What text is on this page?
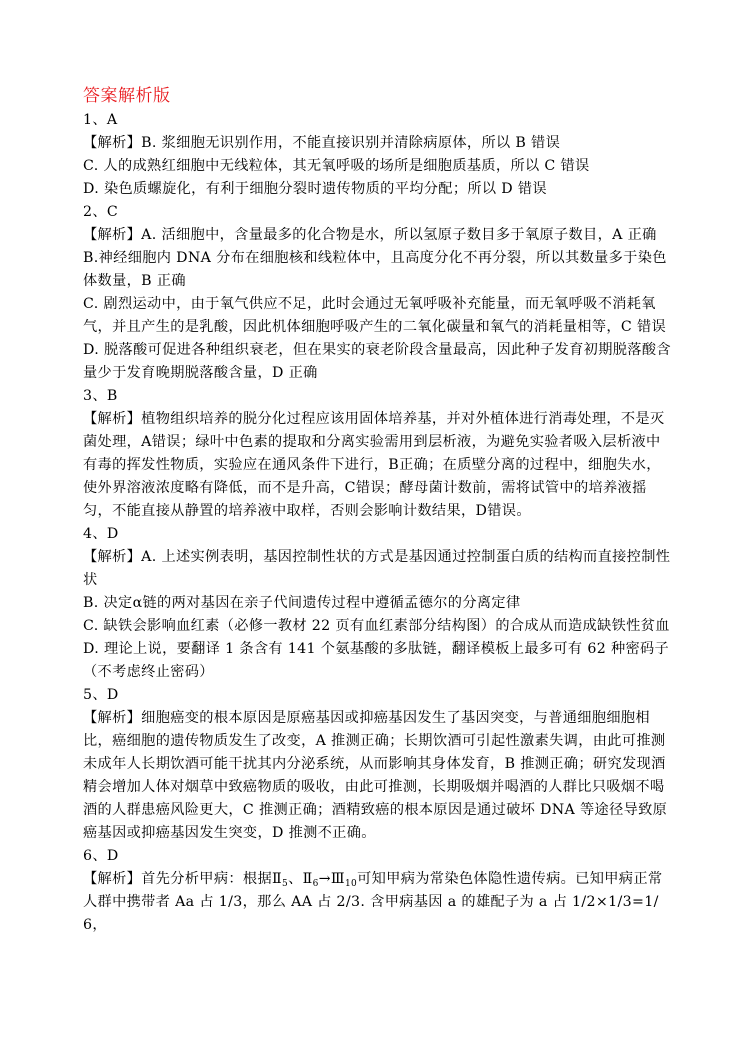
答案解析版

1、A

【解析】B. 浆细胞无识别作用，不能直接识别并清除病原体，所以 B 错误

C. 人的成熟红细胞中无线粒体，其无氧呼吸的场所是细胞质基质，所以 C 错误

D. 染色质螺旋化，有利于细胞分裂时遗传物质的平均分配；所以 D 错误

2、C

【解析】A. 活细胞中，含量最多的化合物是水，所以氢原子数目多于氧原子数目，A 正确

B.神经细胞内 DNA 分布在细胞核和线粒体中，且高度分化不再分裂，所以其数量多于染色体数量，B 正确

C. 剧烈运动中，由于氧气供应不足，此时会通过无氧呼吸补充能量，而无氧呼吸不消耗氧气，并且产生的是乳酸，因此机体细胞呼吸产生的二氧化碳量和氧气的消耗量相等，C 错误

D. 脱落酸可促进各种组织衰老，但在果实的衰老阶段含量最高，因此种子发育初期脱落酸含量少于发育晚期脱落酸含量，D 正确

3、B

【解析】植物组织培养的脱分化过程应该用固体培养基，并对外植体进行消毒处理，不是灭菌处理，A错误；绿叶中色素的提取和分离实验需用到层析液，为避免实验者吸入层析液中有毒的挥发性物质，实验应在通风条件下进行，B正确；在质壁分离的过程中，细胞失水，使外界溶液浓度略有降低，而不是升高，C错误；酵母菌计数前，需将试管中的培养液摇匀，不能直接从静置的培养液中取样，否则会影响计数结果，D错误。

4、D

【解析】A. 上述实例表明，基因控制性状的方式是基因通过控制蛋白质的结构而直接控制性状

B. 决定α链的两对基因在亲子代间遗传过程中遵循孟德尔的分离定律

C. 缺铁会影响血红素（必修一教材 22 页有血红素部分结构图）的合成从而造成缺铁性贫血

D. 理论上说，要翻译 1 条含有 141 个氨基酸的多肽链，翻译模板上最多可有 62 种密码子（不考虑终止密码）

5、D

【解析】细胞癌变的根本原因是原癌基因或抑癌基因发生了基因突变，与普通细胞细胞相比，癌细胞的遗传物质发生了改变，A 推测正确；长期饮酒可引起性激素失调，由此可推测未成年人长期饮酒可能干扰其内分泌系统，从而影响其身体发育，B 推测正确；研究发现酒精会增加人体对烟草中致癌物质的吸收，由此可推测，长期吸烟并喝酒的人群比只吸烟不喝酒的人群患癌风险更大，C 推测正确；酒精致癌的根本原因是通过破坏 DNA 等途径导致原癌基因或抑癌基因发生突变，D 推测不正确。

6、D

【解析】首先分析甲病：根据$Ⅱ_5$、$Ⅱ_6\to Ⅲ_{10}$可知甲病为常染色体隐性遗传病。已知甲病正常人群中携带者 Aa 占 1/3，那么 AA 占 2/3. 含甲病基因 a 的雄配子为 a 占 1/2×1/3=1/6，
